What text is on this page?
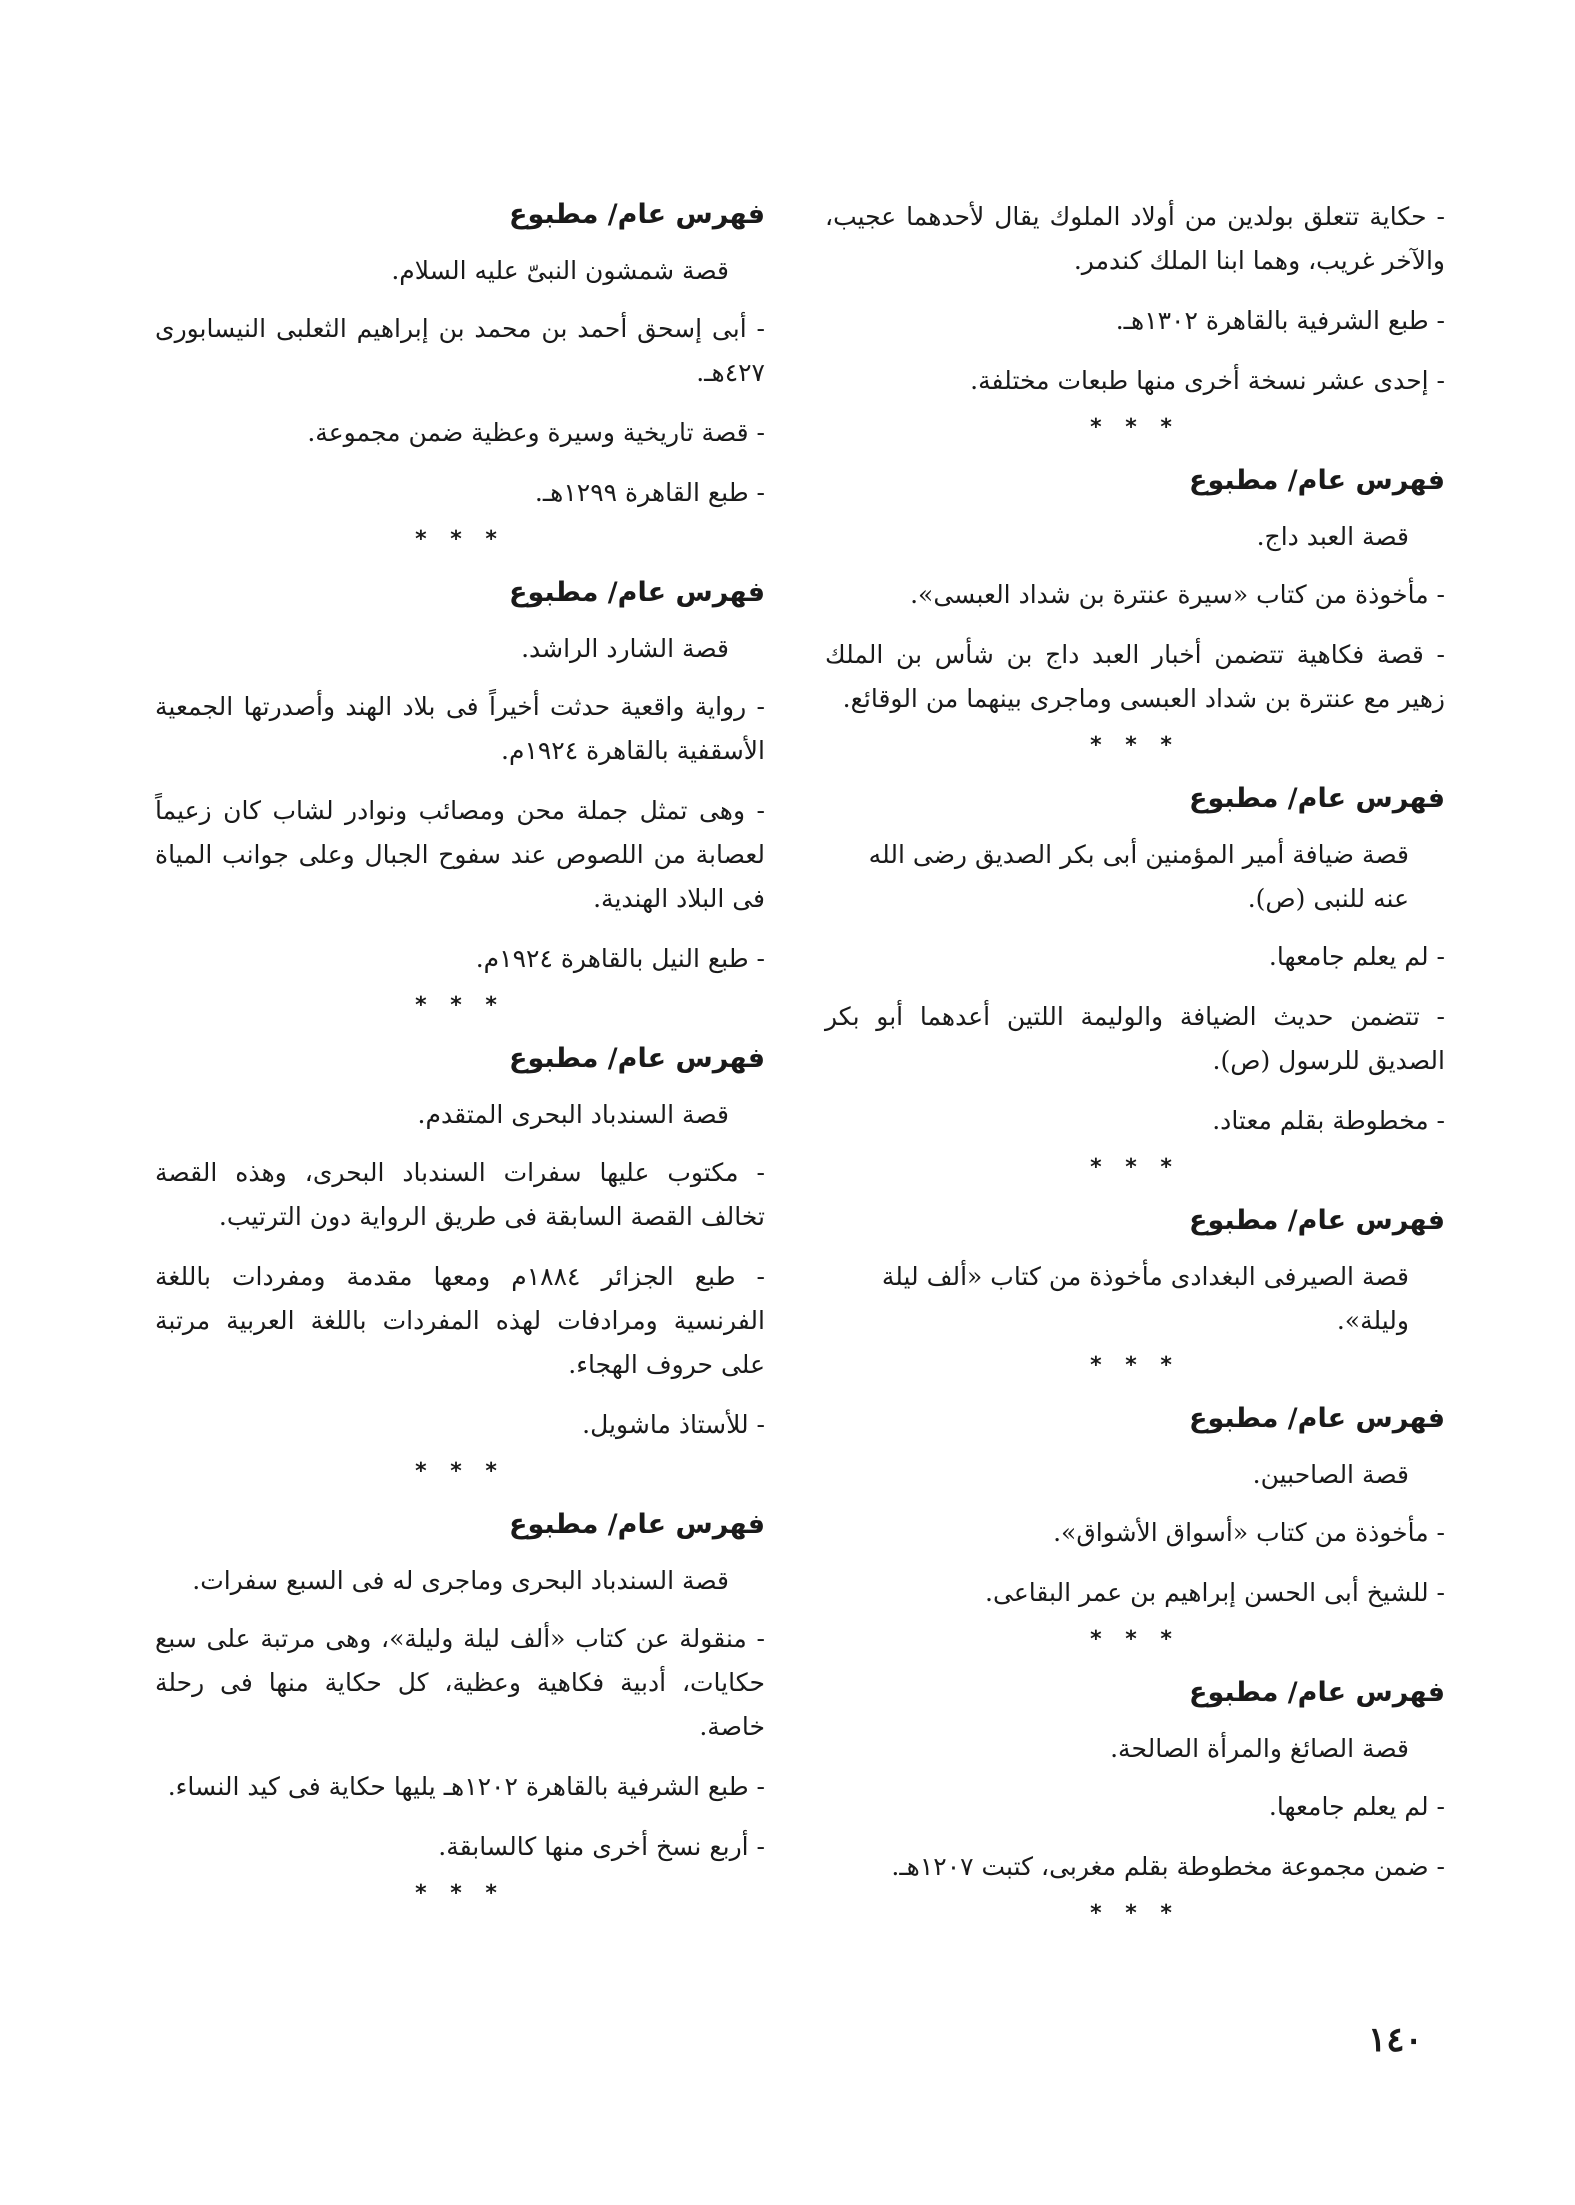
- حكاية تتعلق بولدين من أولاد الملوك يقال لأحدهما عجيب، والآخر غريب، وهما ابنا الملك كندمر.
- طبع الشرفية بالقاهرة ١٣٠٢هـ.
- إحدى عشر نسخة أخرى منها طبعات مختلفة.
* * *
فهرس عام/ مطبوع
قصة العبد داج.
- مأخوذة من كتاب «سيرة عنترة بن شداد العبسى».
- قصة فكاهية تتضمن أخبار العبد داج بن شأس بن الملك زهير مع عنترة بن شداد العبسى وماجرى بينهما من الوقائع.
* * *
فهرس عام/ مطبوع
قصة ضيافة أمير المؤمنين أبى بكر الصديق رضى الله عنه للنبى (ص).
- لم يعلم جامعها.
- تتضمن حديث الضيافة والوليمة اللتين أعدهما أبو بكر الصديق للرسول (ص).
- مخطوطة بقلم معتاد.
* * *
فهرس عام/ مطبوع
قصة الصيرفى البغدادى مأخوذة من كتاب «ألف ليلة وليلة».
* * *
فهرس عام/ مطبوع
قصة الصاحبين.
- مأخوذة من كتاب «أسواق الأشواق».
- للشيخ أبى الحسن إبراهيم بن عمر البقاعى.
* * *
فهرس عام/ مطبوع
قصة الصائغ والمرأة الصالحة.
- لم يعلم جامعها.
- ضمن مجموعة مخطوطة بقلم مغربى، كتبت ١٢٠٧هـ.
* * *
فهرس عام/ مطبوع
قصة شمشون النبىّ عليه السلام.
- أبى إسحق أحمد بن محمد بن إبراهيم الثعلبى النيسابورى ٤٢٧هـ.
- قصة تاريخية وسيرة وعظية ضمن مجموعة.
- طبع القاهرة ١٢٩٩هـ.
* * *
فهرس عام/ مطبوع
قصة الشارد الراشد.
- رواية واقعية حدثت أخيراً فى بلاد الهند وأصدرتها الجمعية الأسقفية بالقاهرة ١٩٢٤م.
- وهى تمثل جملة محن ومصائب ونوادر لشاب كان زعيماً لعصابة من اللصوص عند سفوح الجبال وعلى جوانب المياة فى البلاد الهندية.
- طبع النيل بالقاهرة ١٩٢٤م.
* * *
فهرس عام/ مطبوع
قصة السندباد البحرى المتقدم.
- مكتوب عليها سفرات السندباد البحرى، وهذه القصة تخالف القصة السابقة فى طريق الرواية دون الترتيب.
- طبع الجزائر ١٨٨٤م ومعها مقدمة ومفردات باللغة الفرنسية ومرادفات لهذه المفردات باللغة العربية مرتبة على حروف الهجاء.
- للأستاذ ماشويل.
* * *
فهرس عام/ مطبوع
قصة السندباد البحرى وماجرى له فى السبع سفرات.
- منقولة عن كتاب «ألف ليلة وليلة»، وهى مرتبة على سبع حكايات، أدبية فكاهية وعظية، كل حكاية منها فى رحلة خاصة.
- طبع الشرفية بالقاهرة ١٢٠٢هـ يليها حكاية فى كيد النساء.
- أربع نسخ أخرى منها كالسابقة.
* * *
١٤٠
